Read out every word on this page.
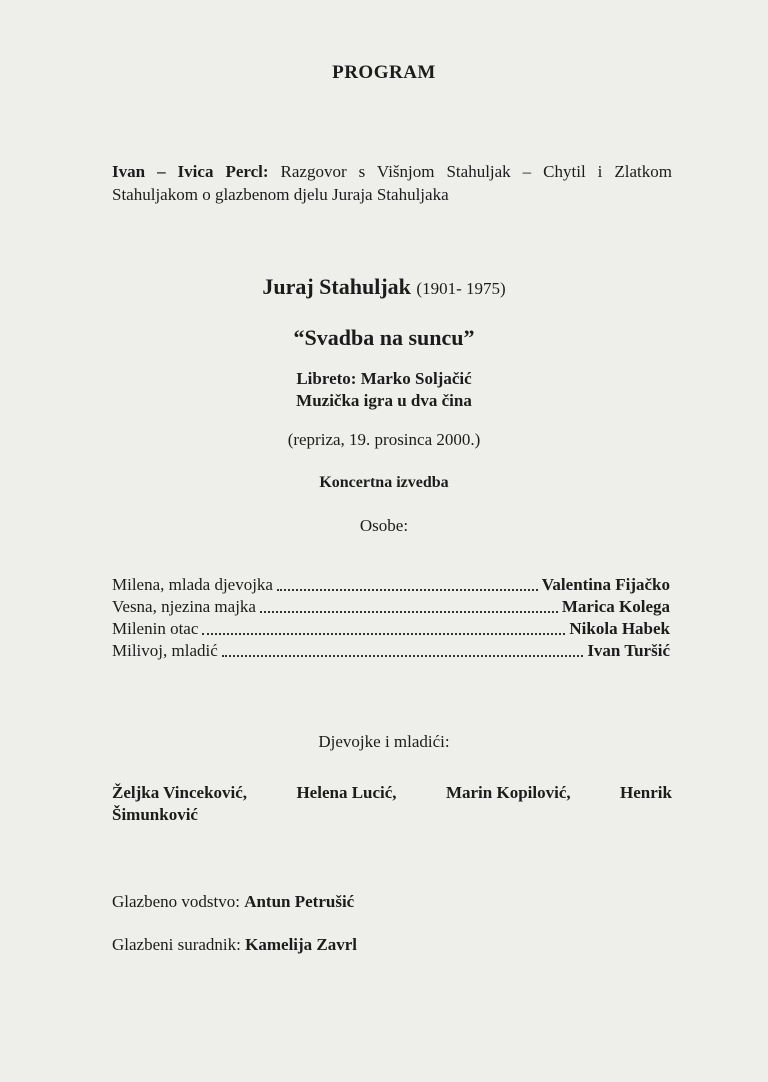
PROGRAM
Ivan – Ivica Percl: Razgovor s Višnjom Stahuljak – Chytil i Zlatkom Stahuljakom o glazbenom djelu Juraja Stahuljaka
Juraj Stahuljak (1901- 1975)
“Svadba na suncu”
Libreto: Marko Soljačić
Muzička igra u dva čina
(repriza, 19. prosinca 2000.)
Koncertna izvedba
Osobe:
Milena, mlada djevojka	Valentina Fijačko
Vesna, njezina majka	Marica Kolega
Milenin otac	Nikola Habek
Milivoj, mladić	Ivan Turšić
Djevojke i mladići:
Željka Vinceković,	Helena Lucić,	Marin Kopilović,	Henrik
Šimunković
Glazbeno vodstvo: Antun Petrušić
Glazbeni suradnik: Kamelija Zavrl
